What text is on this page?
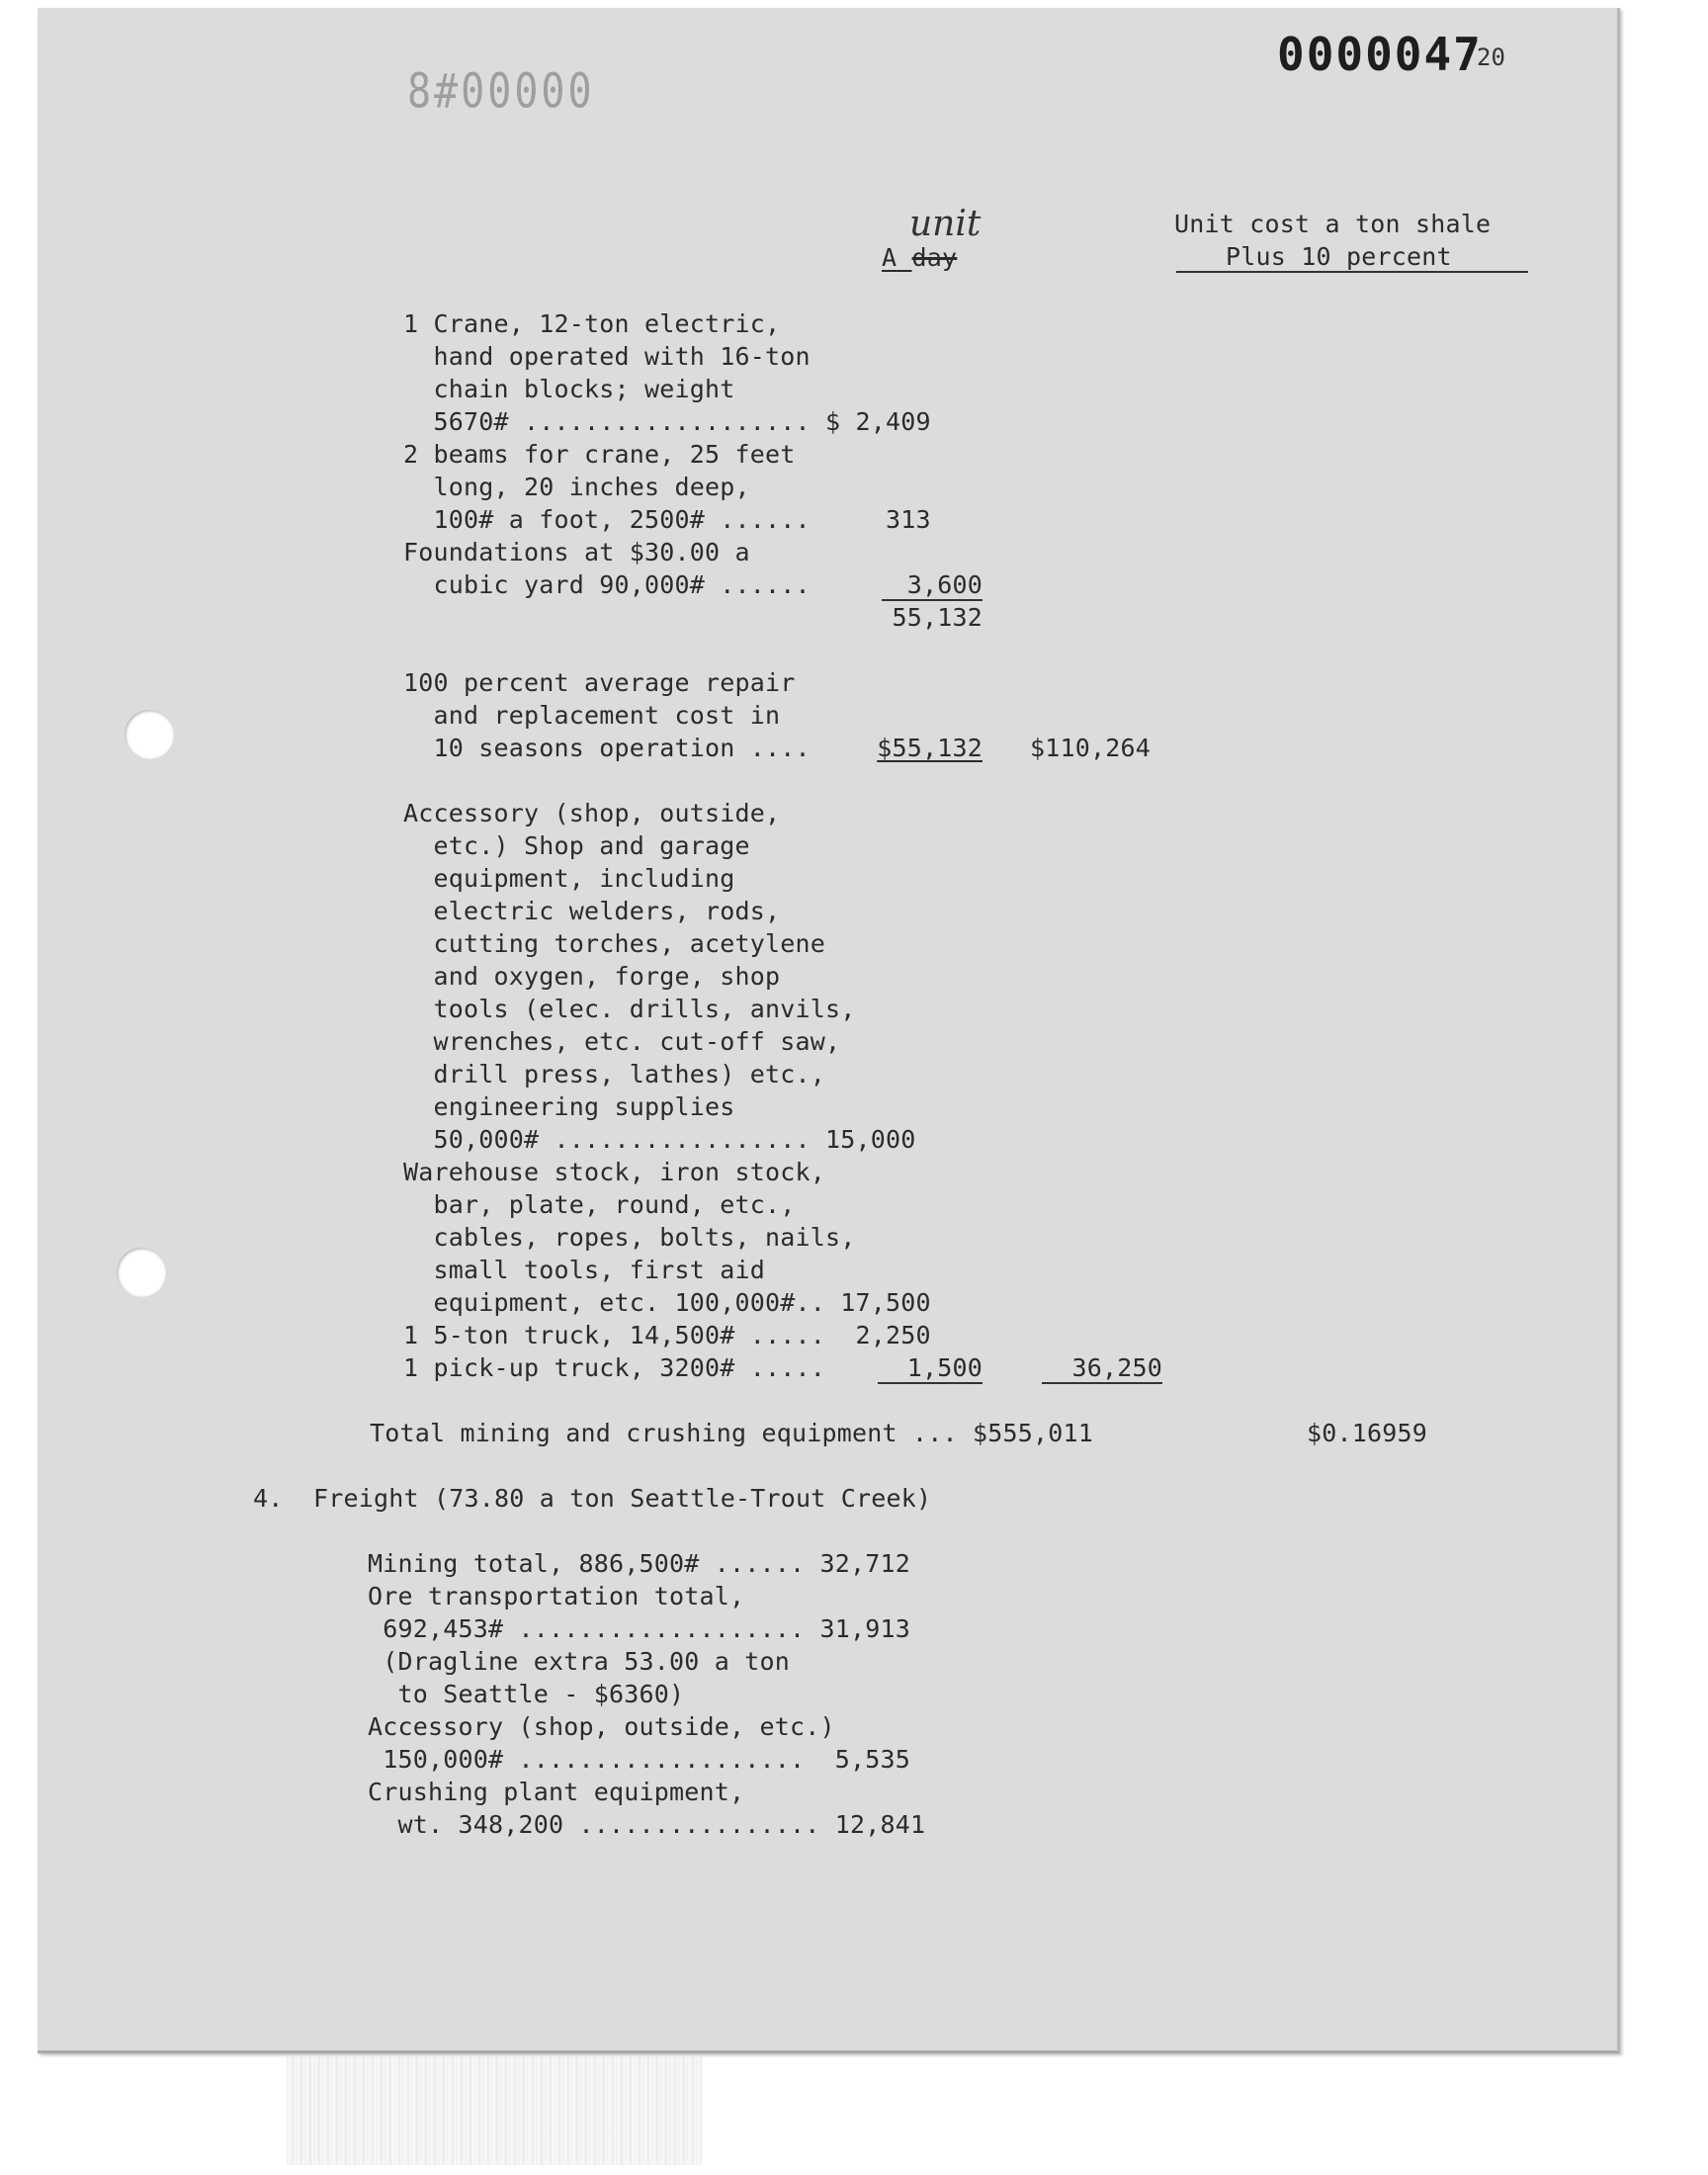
0000047
20
8#00000
unit
A day
Unit cost a ton shale
Plus 10 percent
1 Crane, 12-ton electric,
hand operated with 16-ton
chain blocks; weight
5670# ................... $ 2,409
2 beams for crane, 25 feet
long, 20 inches deep,
100# a foot, 2500# ......     313
Foundations at $30.00 a
cubic yard 90,000# ......	3,600
55,132
100 percent average repair
and replacement cost in
10 seasons operation ....	$55,132 $110,264
Accessory (shop, outside,
etc.) Shop and garage
equipment, including
electric welders, rods,
cutting torches, acetylene
and oxygen, forge, shop
tools (elec. drills, anvils,
wrenches, etc. cut-off saw,
drill press, lathes) etc.,
engineering supplies
50,000# ................. 15,000
Warehouse stock, iron stock,
bar, plate, round, etc.,
cables, ropes, bolts, nails,
small tools, first aid
equipment, etc. 100,000#.. 17,500
1 5-ton truck, 14,500# .....  2,250
1 pick-up truck, 3200# .....	1,500	36,250
Total mining and crushing equipment ... $555,011	$0.16959
4.  Freight (73.80 a ton Seattle-Trout Creek)
Mining total, 886,500# ...... 32,712
Ore transportation total,
692,453# ................... 31,913
(Dragline extra 53.00 a ton
to Seattle - $6360)
Accessory (shop, outside, etc.)
150,000# ...................  5,535
Crushing plant equipment,
wt. 348,200 ................ 12,841
